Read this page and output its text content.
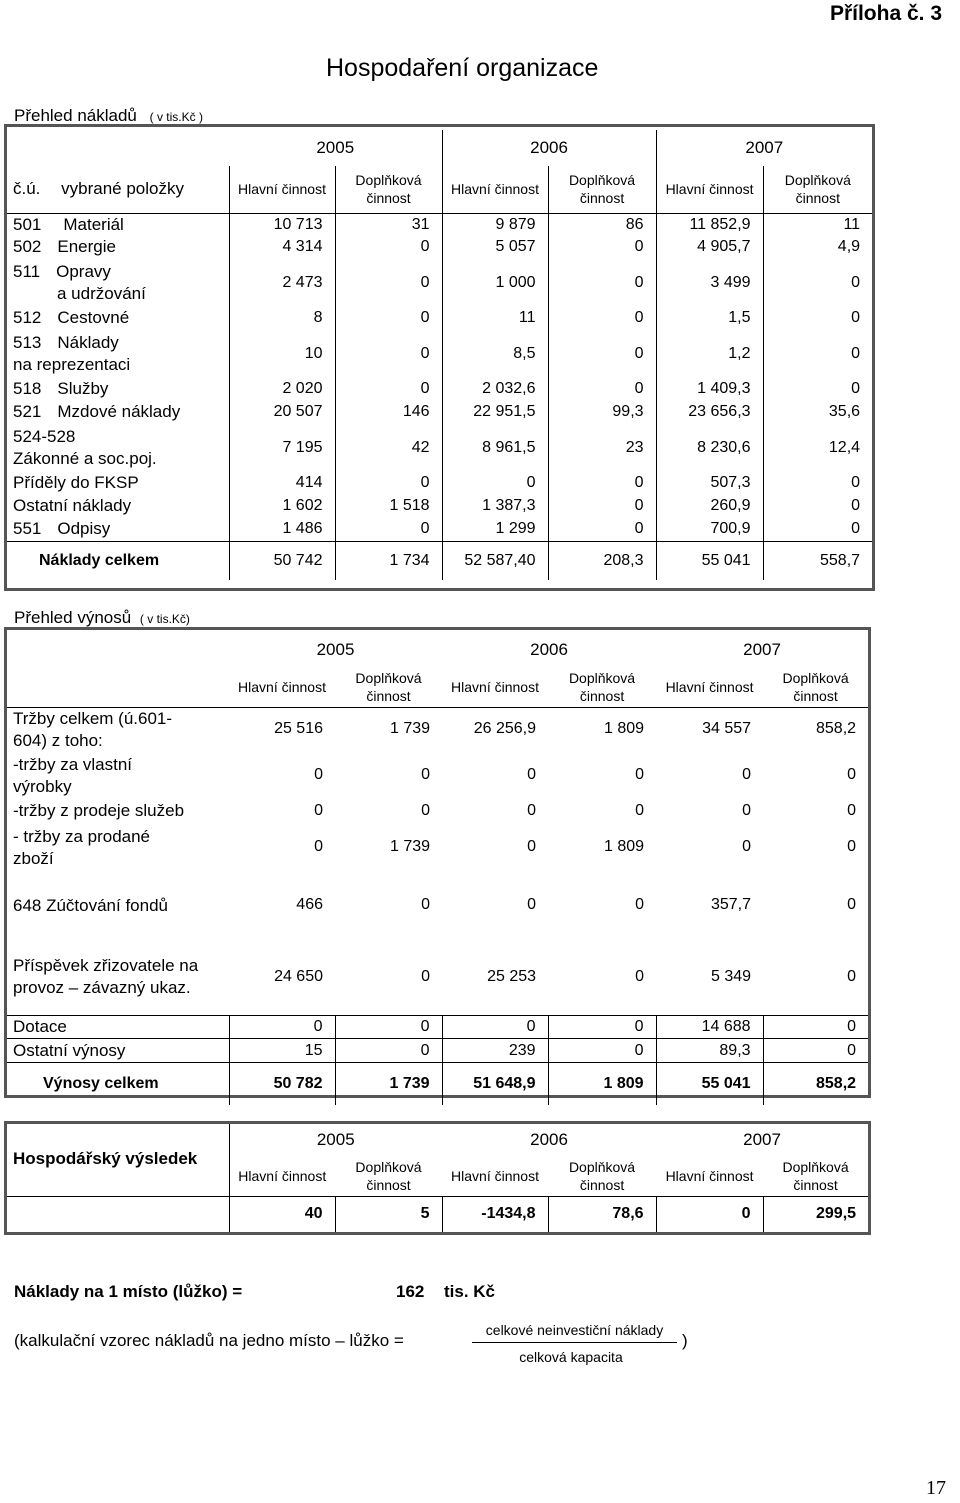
Příloha č. 3
Hospodaření organizace
Přehled nákladů ( v tis.Kč )
	2005		2006		2007	
č.ú. vybrané položky	Hlavní činnost	Doplňková činnost	Hlavní činnost	Doplňková činnost	Hlavní činnost	Doplňková činnost

501 Materiál	10 713	31	9 879	86	11 852,9	11

502 Energie	4 314	0	5 057	0	4 905,7	4,9

511 Opravy
a udržování	2 473	0	1 000	0	3 499	0

512 Cestovné	8	0	11	0	1,5	0

513 Náklady
na reprezentaci	10	0	8,5	0	1,2	0

518 Služby	2 020	0	2 032,6	0	1 409,3	0

521 Mzdové náklady	20 507	146	22 951,5	99,3	23 656,3	35,6

524-528
Zákonné a soc.poj.	7 195	42	8 961,5	23	8 230,6	12,4

Příděly do FKSP	414	0	0	0	507,3	0

Ostatní náklady	1 602	1 518	1 387,3	0	260,9	0

551 Odpisy	1 486	0	1 299	0	700,9	0
Náklady celkem	50 742	1 734	52 587,40	208,3	55 041	558,7
Přehled výnosů ( v tis.Kč)
	2005		2006		2007	
	Hlavní činnost	Doplňková činnost	Hlavní činnost	Doplňková činnost	Hlavní činnost	Doplňková činnost

Tržby celkem (ú.601-604) z toho:	25 516	1 739	26 256,9	1 809	34 557	858,2

-tržby za vlastní výrobky	0	0	0	0	0	0

-tržby z prodeje služeb	0	0	0	0	0	0

- tržby za prodané zboží	0	1 739	0	1 809	0	0

648 Zúčtování fondů	466	0	0	0	357,7	0

Příspěvek zřizovatele na provoz – závazný ukaz.	24 650	0	25 253	0	5 349	0

Dotace	0	0	0	0	14 688	0

Ostatní výnosy	15	0	239	0	89,3	0
Výnosy celkem	50 782	1 739	51 648,9	1 809	55 041	858,2
Hospodářský výsledek	2005		2006		2007	
	Hlavní činnost	Doplňková činnost	Hlavní činnost	Doplňková činnost	Hlavní činnost	Doplňková činnost
	40	5	-1434,8	78,6	0	299,5
Náklady na 1 místo (lůžko) =	162 tis. Kč
(kalkulační vzorec nákladů na jedno místo – lůžko =
celkové neinvestiční náklady
celková kapacita
)
17
